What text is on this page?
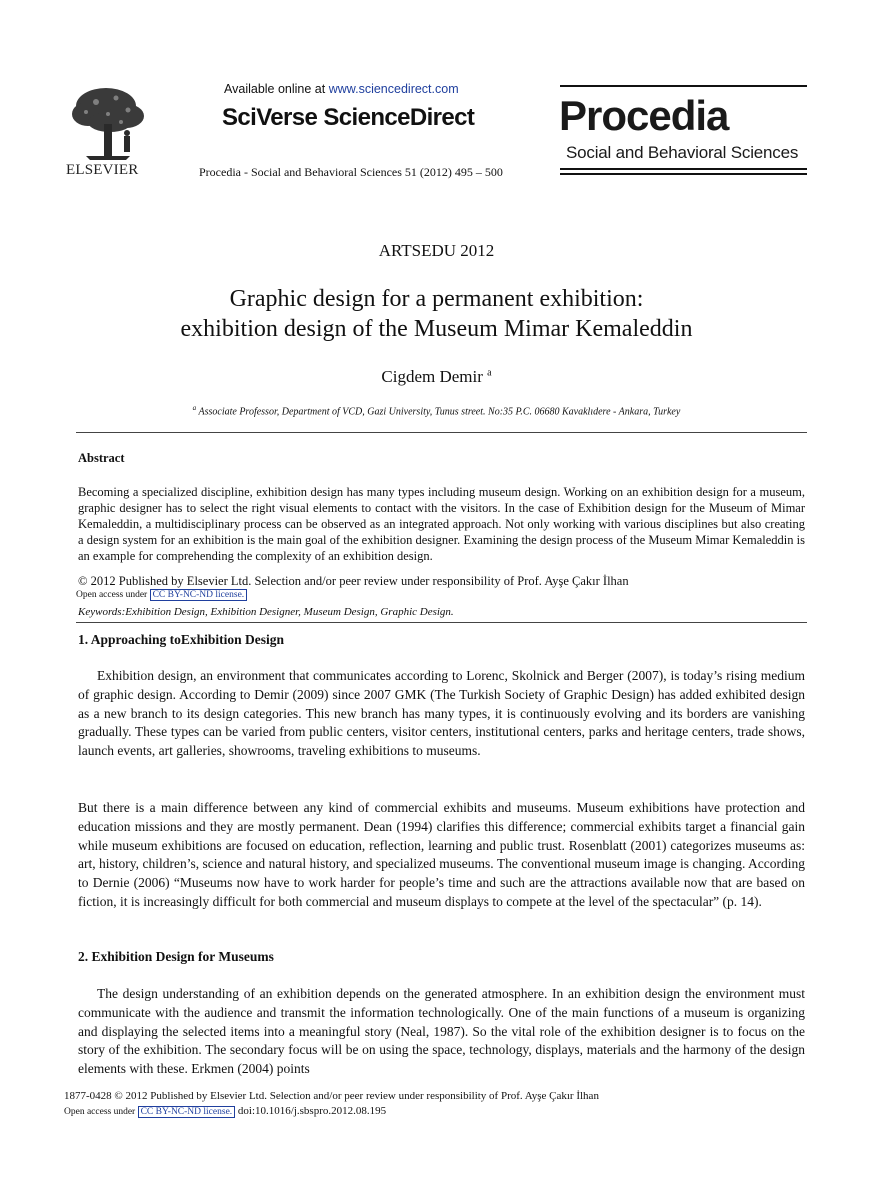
ELSEVIER
Available online at www.sciencedirect.com
SciVerse ScienceDirect
Procedia - Social and Behavioral Sciences 51 (2012) 495 – 500
Procedia
Social and Behavioral Sciences
ARTSEDU 2012
Graphic design for a permanent exhibition:
exhibition design of the Museum Mimar Kemaleddin
Cigdem Demir $^a$
$^a$ Associate Professor, Department of VCD, Gazi University, Tunus street. No:35 P.C. 06680 Kavaklıdere - Ankara, Turkey
Abstract
Becoming a specialized discipline, exhibition design has many types including museum design. Working on an exhibition design for a museum, graphic designer has to select the right visual elements to contact with the visitors. In the case of Exhibition design for the Museum of Mimar Kemaleddin, a multidisciplinary process can be observed as an integrated approach. Not only working with various disciplines but also creating a design system for an exhibition is the main goal of the exhibition designer. Examining the design process of the Museum Mimar Kemaleddin is an example for comprehending the complexity of an exhibition design.
© 2012 Published by Elsevier Ltd. Selection and/or peer review under responsibility of Prof. Ayşe Çakır İlhan
Open access under CC BY-NC-ND license.
Keywords:Exhibition Design, Exhibition Designer, Museum Design, Graphic Design.
1. Approaching toExhibition Design
Exhibition design, an environment that communicates according to Lorenc, Skolnick and Berger (2007), is today’s rising medium of graphic design. According to Demir (2009) since 2007 GMK (The Turkish Society of Graphic Design) has added exhibited design as a new branch to its design categories. This new branch has many types, it is continuously evolving and its borders are vanishing gradually. These types can be varied from public centers, visitor centers, institutional centers, parks and heritage centers, trade shows, launch events, art galleries, showrooms, traveling exhibitions to museums.
But there is a main difference between any kind of commercial exhibits and museums. Museum exhibitions have protection and education missions and they are mostly permanent. Dean (1994) clarifies this difference; commercial exhibits target a financial gain while museum exhibitions are focused on education, reflection, learning and public trust. Rosenblatt (2001) categorizes museums as: art, history, children’s, science and natural history, and specialized museums. The conventional museum image is changing. According to Dernie (2006) “Museums now have to work harder for people’s time and such are the attractions available now that are based on fiction, it is increasingly difficult for both commercial and museum displays to compete at the level of the spectacular” (p. 14).
2. Exhibition Design for Museums
The design understanding of an exhibition depends on the generated atmosphere. In an exhibition design the environment must communicate with the audience and transmit the information technologically. One of the main functions of a museum is organizing and displaying the selected items into a meaningful story (Neal, 1987). So the vital role of the exhibition designer is to focus on the story of the exhibition. The secondary focus will be on using the space, technology, displays, materials and the harmony of the design elements with these. Erkmen (2004) points
1877-0428 © 2012 Published by Elsevier Ltd. Selection and/or peer review under responsibility of Prof. Ayşe Çakır İlhan
Open access under CC BY-NC-ND license. doi:10.1016/j.sbspro.2012.08.195
